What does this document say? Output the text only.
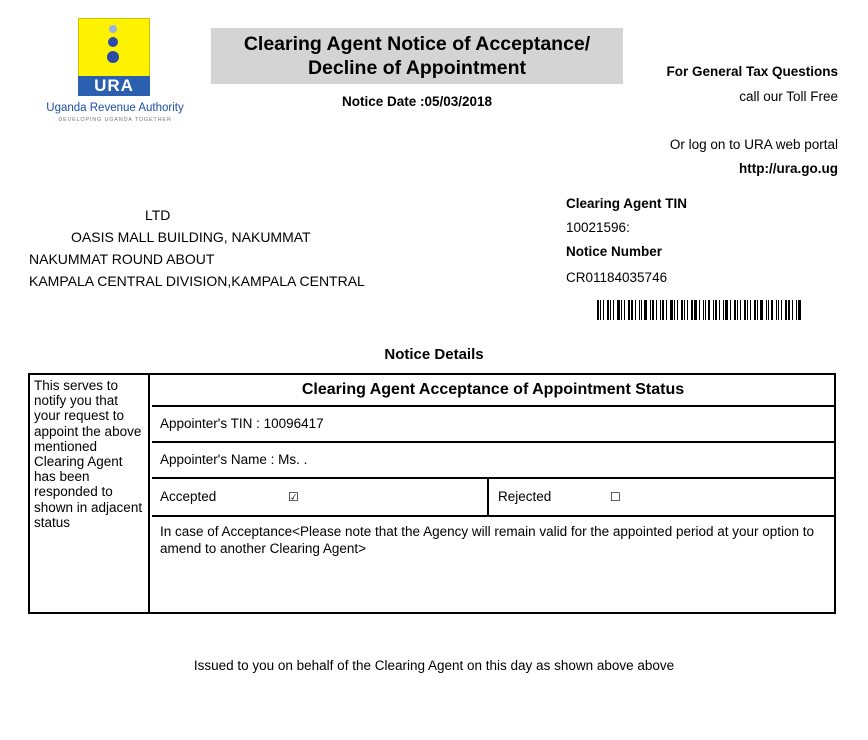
URA
Uganda Revenue Authority
DEVELOPING UGANDA TOGETHER
Clearing Agent Notice of Acceptance/
Decline of Appointment
Notice Date :05/03/2018
For General Tax Questions
call our Toll Free
Or log on to URA web portal
http://ura.go.ug
LTD
OASIS MALL BUILDING, NAKUMMAT
NAKUMMAT ROUND ABOUT
KAMPALA CENTRAL DIVISION,KAMPALA CENTRAL
Clearing Agent TIN
10021596:
Notice Number
CR01184035746
Notice Details
This serves to notify you that your request to appoint the above mentioned Clearing Agent has been responded to shown in adjacent status
Clearing Agent Acceptance of Appointment Status
Appointer's TIN : 10096417
Appointer's Name : Ms. .
Accepted	☑	Rejected	☐
In case of Acceptance<Please note that the Agency will remain valid for the appointed period at your option to amend to another Clearing Agent>
Issued to you on behalf of the Clearing Agent on this day as shown above above
